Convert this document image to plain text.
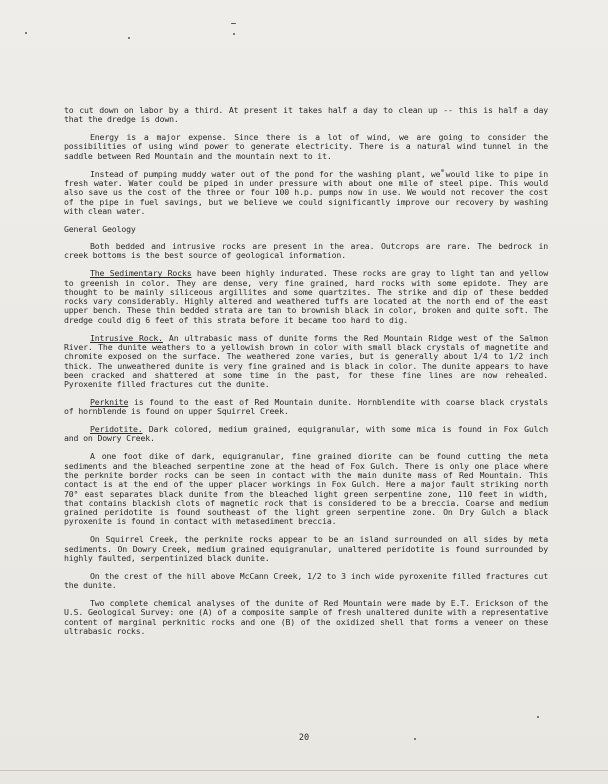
to cut down on labor by a third. At present it takes half a day to clean up -- this is half a day that the dredge is down.

Energy is a major expense. Since there is a lot of wind, we are going to consider the possibilities of using wind power to generate electricity. There is a natural wind tunnel in the saddle between Red Mountain and the mountain next to it.

Instead of pumping muddy water out of the pond for the washing plant, we would like to pipe in fresh water. Water could be piped in under pressure with about one mile of steel pipe. This would also save us the cost of the three or four 100 h.p. pumps now in use. We would not recover the cost of the pipe in fuel savings, but we believe we could significantly improve our recovery by washing with clean water.

General Geology

Both bedded and intrusive rocks are present in the area. Outcrops are rare. The bedrock in creek bottoms is the best source of geological information.

The Sedimentary Rocks have been highly indurated. These rocks are gray to light tan and yellow to greenish in color. They are dense, very fine grained, hard rocks with some epidote. They are thought to be mainly siliceous argillites and some quartzites. The strike and dip of these bedded rocks vary considerably. Highly altered and weathered tuffs are located at the north end of the east upper bench. These thin bedded strata are tan to brownish black in color, broken and quite soft. The dredge could dig 6 feet of this strata before it became too hard to dig.

Intrusive Rock. An ultrabasic mass of dunite forms the Red Mountain Ridge west of the Salmon River. The dunite weathers to a yellowish brown in color with small black crystals of magnetite and chromite exposed on the surface. The weathered zone varies, but is generally about 1/4 to 1/2 inch thick. The unweathered dunite is very fine grained and is black in color. The dunite appears to have been cracked and shattered at some time in the past, for these fine lines are now rehealed. Pyroxenite filled fractures cut the dunite.

Perknite is found to the east of Red Mountain dunite. Hornblendite with coarse black crystals of hornblende is found on upper Squirrel Creek.

Peridotite. Dark colored, medium grained, equigranular, with some mica is found in Fox Gulch and on Dowry Creek.

A one foot dike of dark, equigranular, fine grained diorite can be found cutting the meta sediments and the bleached serpentine zone at the head of Fox Gulch. There is only one place where the perknite border rocks can be seen in contact with the main dunite mass of Red Mountain. This contact is at the end of the upper placer workings in Fox Gulch. Here a major fault striking north 70° east separates black dunite from the bleached light green serpentine zone, 110 feet in width, that contains blackish clots of magnetic rock that is considered to be a breccia. Coarse and medium grained peridotite is found southeast of the light green serpentine zone. On Dry Gulch a black pyroxenite is found in contact with metasediment breccia.

On Squirrel Creek, the perknite rocks appear to be an island surrounded on all sides by meta sediments. On Dowry Creek, medium grained equigranular, unaltered peridotite is found surrounded by highly faulted, serpentinized black dunite.

On the crest of the hill above McCann Creek, 1/2 to 3 inch wide pyroxenite filled fractures cut the dunite.

Two complete chemical analyses of the dunite of Red Mountain were made by E.T. Erickson of the U.S. Geological Survey: one (A) of a composite sample of fresh unaltered dunite with a representative content of marginal perknitic rocks and one (B) of the oxidized shell that forms a veneer on these ultrabasic rocks.

20
